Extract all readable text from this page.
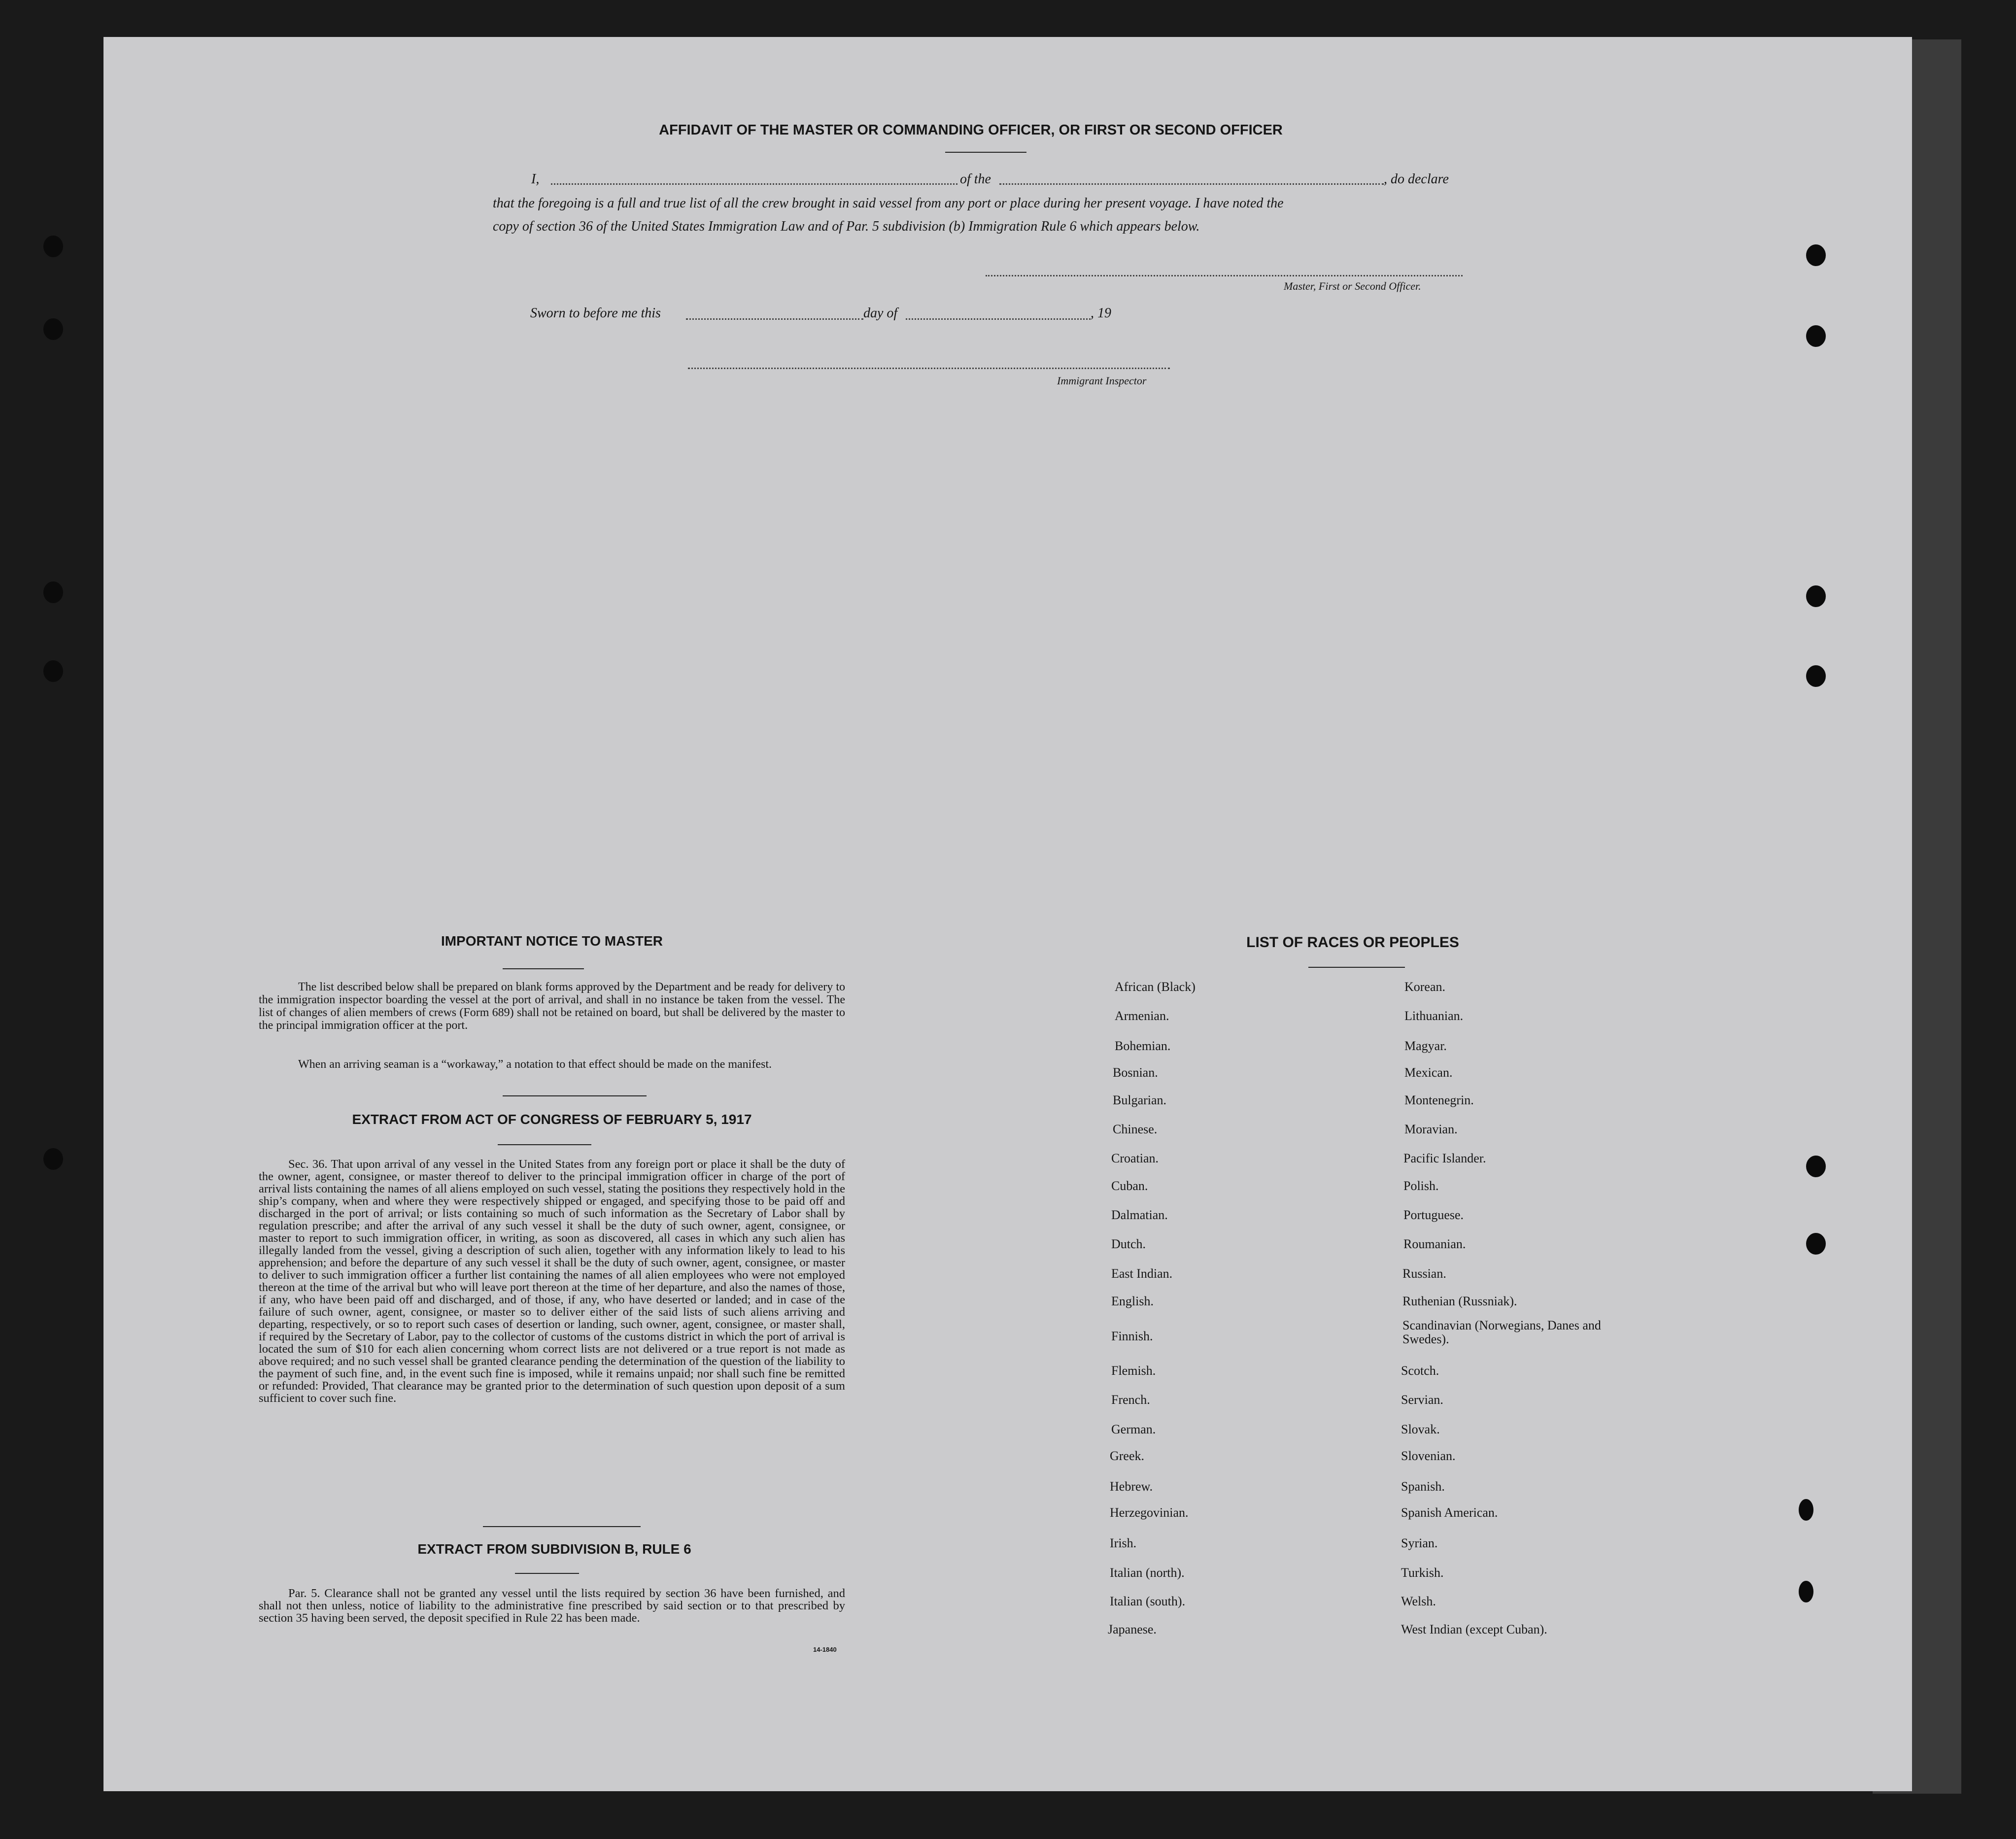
AFFIDAVIT OF THE MASTER OR COMMANDING OFFICER, OR FIRST OR SECOND OFFICER
I,	of the	, do declare
that the foregoing is a full and true list of all the crew brought in said vessel from any port or place during her present voyage. I have noted the
copy of section 36 of the United States Immigration Law and of Par. 5 subdivision (b) Immigration Rule 6 which appears below.
Master, First or Second Officer.
Sworn to before me this	day of	, 19
Immigrant Inspector
IMPORTANT NOTICE TO MASTER
The list described below shall be prepared on blank forms approved by the Department and be ready for delivery to the immigration inspector boarding the vessel at the port of arrival, and shall in no instance be taken from the vessel. The list of changes of alien members of crews (Form 689) shall not be retained on board, but shall be delivered by the master to the principal immigration officer at the port.
When an arriving seaman is a “workaway,” a notation to that effect should be made on the manifest.
EXTRACT FROM ACT OF CONGRESS OF FEBRUARY 5, 1917
Sec. 36. That upon arrival of any vessel in the United States from any foreign port or place it shall be the duty of the owner, agent, consignee, or master thereof to deliver to the principal immigration officer in charge of the port of arrival lists containing the names of all aliens employed on such vessel, stating the positions they respectively hold in the ship’s company, when and where they were respectively shipped or engaged, and specifying those to be paid off and discharged in the port of arrival; or lists containing so much of such information as the Secretary of Labor shall by regulation prescribe; and after the arrival of any such vessel it shall be the duty of such owner, agent, consignee, or master to report to such immigration officer, in writing, as soon as discovered, all cases in which any such alien has illegally landed from the vessel, giving a description of such alien, together with any information likely to lead to his apprehension; and before the departure of any such vessel it shall be the duty of such owner, agent, consignee, or master to deliver to such immigration officer a further list containing the names of all alien employees who were not employed thereon at the time of the arrival but who will leave port thereon at the time of her departure, and also the names of those, if any, who have been paid off and discharged, and of those, if any, who have deserted or landed; and in case of the failure of such owner, agent, consignee, or master so to deliver either of the said lists of such aliens arriving and departing, respectively, or so to report such cases of desertion or landing, such owner, agent, consignee, or master shall, if required by the Secretary of Labor, pay to the collector of customs of the customs district in which the port of arrival is located the sum of $10 for each alien concerning whom correct lists are not delivered or a true report is not made as above required; and no such vessel shall be granted clearance pending the determination of the question of the liability to the payment of such fine, and, in the event such fine is imposed, while it remains unpaid; nor shall such fine be remitted or refunded: Provided, That clearance may be granted prior to the determination of such question upon deposit of a sum sufficient to cover such fine.
EXTRACT FROM SUBDIVISION B, RULE 6
Par. 5. Clearance shall not be granted any vessel until the lists required by section 36 have been furnished, and shall not then unless, notice of liability to the administrative fine prescribed by said section or to that prescribed by section 35 having been served, the deposit specified in Rule 22 has been made.
14-1840
LIST OF RACES OR PEOPLES
African (Black)
Armenian.
Bohemian.
Bosnian.
Bulgarian.
Chinese.
Croatian.
Cuban.
Dalmatian.
Dutch.
East Indian.
English.
Finnish.
Flemish.
French.
German.
Greek.
Hebrew.
Herzegovinian.
Irish.
Italian (north).
Italian (south).
Japanese.
Korean.
Lithuanian.
Magyar.
Mexican.
Montenegrin.
Moravian.
Pacific Islander.
Polish.
Portuguese.
Roumanian.
Russian.
Ruthenian (Russniak).
Scandinavian (Norwegians, Danes and Swedes).
Scotch.
Servian.
Slovak.
Slovenian.
Spanish.
Spanish American.
Syrian.
Turkish.
Welsh.
West Indian (except Cuban).
